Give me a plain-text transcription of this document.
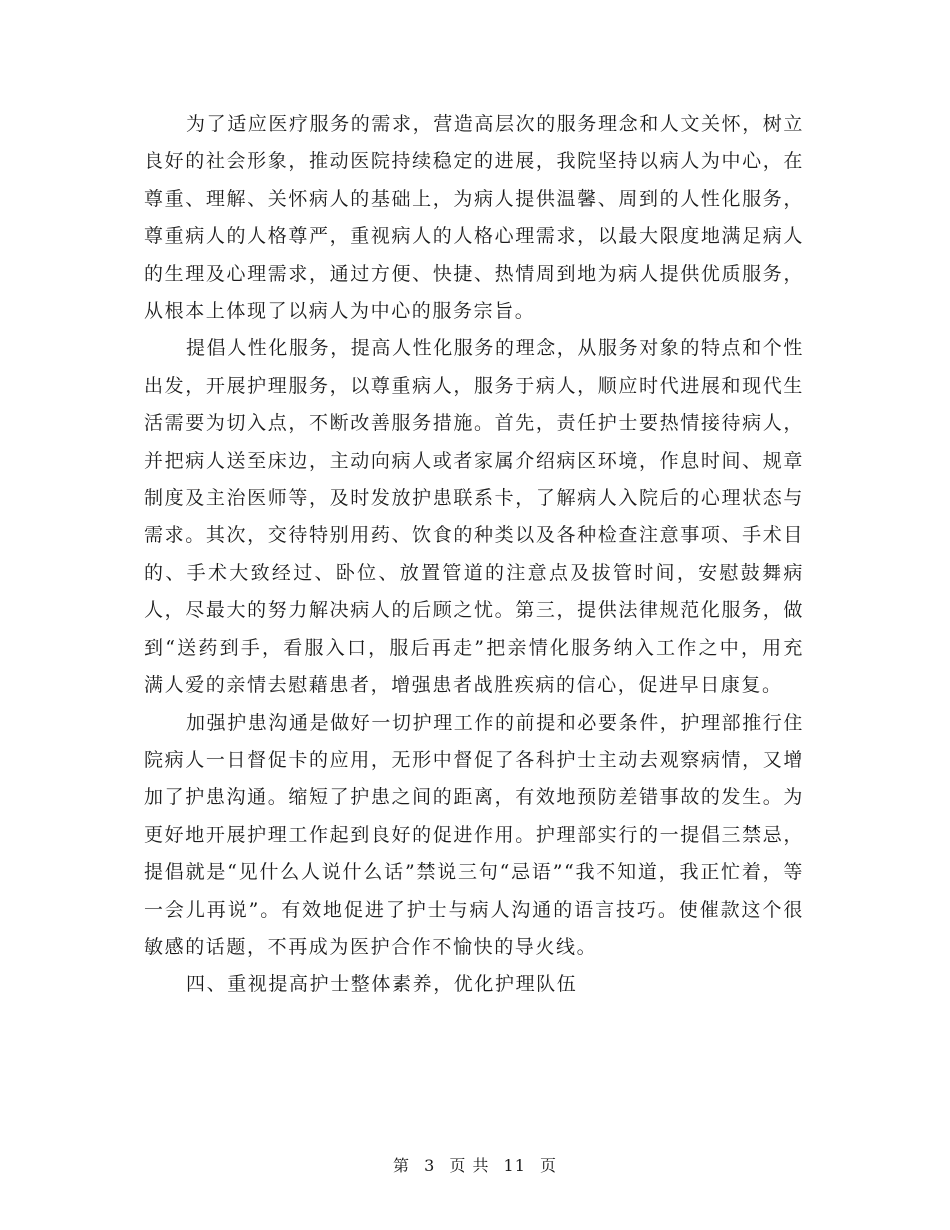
为了适应医疗服务的需求，营造高层次的服务理念和人文关怀，树立良好的社会形象，推动医院持续稳定的进展，我院坚持以病人为中心，在尊重、理解、关怀病人的基础上，为病人提供温馨、周到的人性化服务，尊重病人的人格尊严，重视病人的人格心理需求，以最大限度地满足病人的生理及心理需求，通过方便、快捷、热情周到地为病人提供优质服务，从根本上体现了以病人为中心的服务宗旨。

提倡人性化服务，提高人性化服务的理念，从服务对象的特点和个性出发，开展护理服务，以尊重病人，服务于病人，顺应时代进展和现代生活需要为切入点，不断改善服务措施。首先，责任护士要热情接待病人，并把病人送至床边，主动向病人或者家属介绍病区环境，作息时间、规章制度及主治医师等，及时发放护患联系卡，了解病人入院后的心理状态与需求。其次，交待特别用药、饮食的种类以及各种检查注意事项、手术目的、手术大致经过、卧位、放置管道的注意点及拔管时间，安慰鼓舞病人，尽最大的努力解决病人的后顾之忧。第三，提供法律规范化服务，做到“送药到手，看服入口，服后再走”把亲情化服务纳入工作之中，用充满人爱的亲情去慰藉患者，增强患者战胜疾病的信心，促进早日康复。

加强护患沟通是做好一切护理工作的前提和必要条件，护理部推行住院病人一日督促卡的应用，无形中督促了各科护士主动去观察病情，又增加了护患沟通。缩短了护患之间的距离，有效地预防差错事故的发生。为更好地开展护理工作起到良好的促进作用。护理部实行的一提倡三禁忌，提倡就是“见什么人说什么话”禁说三句“忌语”“我不知道，我正忙着，等一会儿再说”。有效地促进了护士与病人沟通的语言技巧。使催款这个很敏感的话题，不再成为医护合作不愉快的导火线。

四、重视提高护士整体素养，优化护理队伍

第 3 页 共 11 页
